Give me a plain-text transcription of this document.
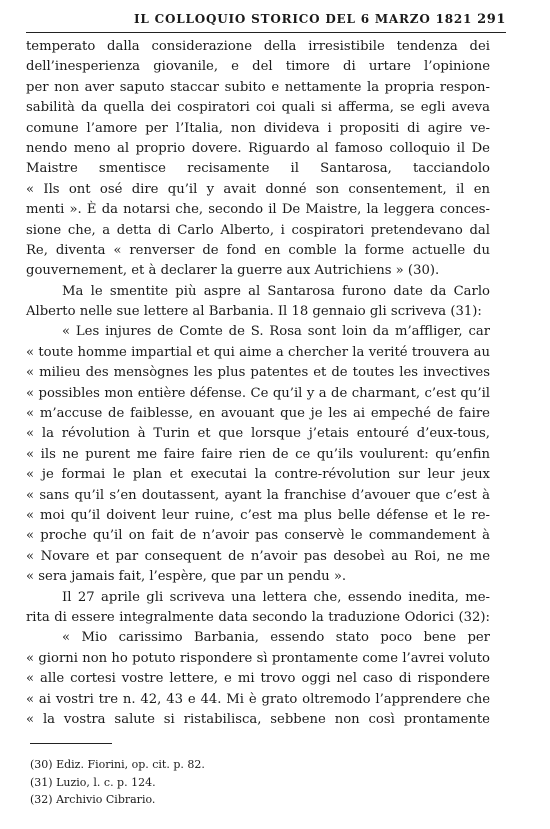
IL COLLOQUIO STORICO DEL 6 MARZO 1821 291
temperato dalla considerazione della irresistibile tendenza dei
dell’inesperienza giovanile, e del timore di urtare l’opinione
per non aver saputo staccar subito e nettamente la propria respon-
sabilità da quella dei cospiratori coi quali si afferma, se egli aveva
comune l’amore per l’Italia, non divideva i propositi di agire ve-
nendo meno al proprio dovere. Riguardo al famoso colloquio il De
Maistre smentisce recisamente il Santarosa, tacciandolo
« Ils ont osé dire qu’il y avait donné son consentement, il en
menti ». È da notarsi che, secondo il De Maistre, la leggera conces-
sione che, a detta di Carlo Alberto, i cospiratori pretendevano dal
Re, diventa « renverser de fond en comble la forme actuelle du
gouvernement, et à declarer la guerre aux Autrichiens » (30).
Ma le smentite più aspre al Santarosa furono date da Carlo
Alberto nelle sue lettere al Barbania. Il 18 gennaio gli scriveva (31):
« Les injures de Comte de S. Rosa sont loin da m’affliger, car
« toute homme impartial et qui aime a chercher la verité trouvera au
« milieu des mensògnes les plus patentes et de toutes les invectives
« possibles mon entière défense. Ce qu’il y a de charmant, c’est qu’il
« m’accuse de faiblesse, en avouant que je les ai empeché de faire
« la révolution à Turin et que lorsque j’etais entouré d’eux-tous,
« ils ne purent me faire faire rien de ce qu’ils voulurent: qu’enfin
« je formai le plan et executai la contre-révolution sur leur jeux
« sans qu’il s’en doutassent, ayant la franchise d’avouer que c’est à
« moi qu’il doivent leur ruine, c’est ma plus belle défense et le re-
« proche qu’il on fait de n’avoir pas conservè le commandement à
« Novare et par consequent de n’avoir pas desobeì au Roi, ne me
« sera jamais fait, l’espère, que par un pendu ».
Il 27 aprile gli scriveva una lettera che, essendo inedita, me-
rita di essere integralmente data secondo la traduzione Odorici (32):
« Mio carissimo Barbania, essendo stato poco bene per
« giorni non ho potuto rispondere sì prontamente come l’avrei voluto
« alle cortesi vostre lettere, e mi trovo oggi nel caso di rispondere
« ai vostri tre n. 42, 43 e 44. Mi è grato oltremodo l’apprendere che
« la vostra salute si ristabilisca, sebbene non così prontamente
(30) Ediz. Fiorini, op. cit. p. 82.
(31) Luzio, l. c. p. 124.
(32) Archivio Cibrario.
